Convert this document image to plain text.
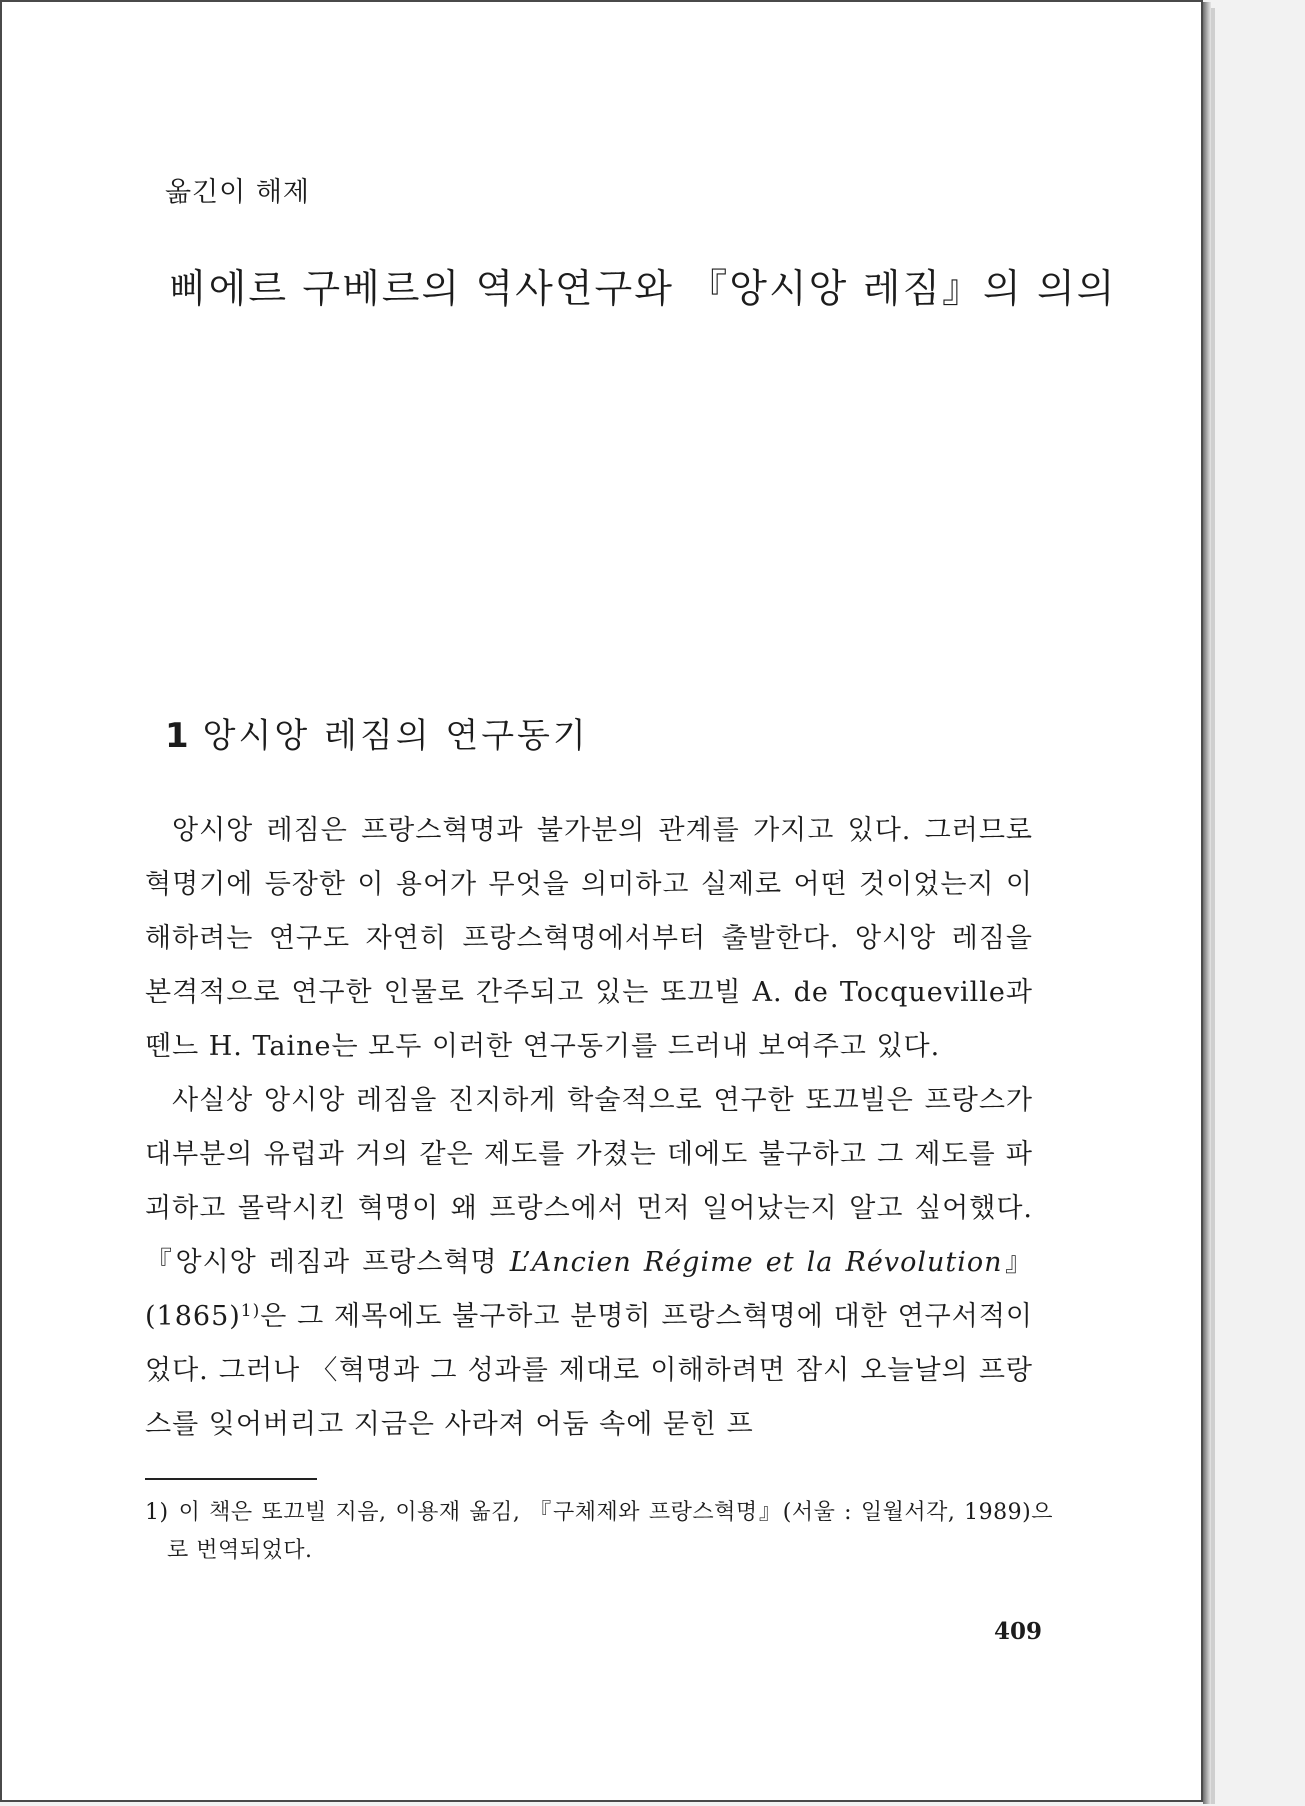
옮긴이 해제
삐에르 구베르의 역사연구와 『앙시앙 레짐』의 의의
1 앙시앙 레짐의 연구동기

앙시앙 레짐은 프랑스혁명과 불가분의 관계를 가지고 있다. 그러므로 혁명기에 등장한 이 용어가 무엇을 의미하고 실제로 어떤 것이었는지 이해하려는 연구도 자연히 프랑스혁명에서부터 출발한다. 앙시앙 레짐을 본격적으로 연구한 인물로 간주되고 있는 또끄빌 A. de Tocqueville과 뗀느 H. Taine는 모두 이러한 연구동기를 드러내 보여주고 있다.

사실상 앙시앙 레짐을 진지하게 학술적으로 연구한 또끄빌은 프랑스가 대부분의 유럽과 거의 같은 제도를 가졌는 데에도 불구하고 그 제도를 파괴하고 몰락시킨 혁명이 왜 프랑스에서 먼저 일어났는지 알고 싶어했다. 『앙시앙 레짐과 프랑스혁명 L’Ancien Régime et la Révolution』$(1865)^{1)}$은 그 제목에도 불구하고 분명히 프랑스혁명에 대한 연구서적이었다. 그러나 〈혁명과 그 성과를 제대로 이해하려면 잠시 오늘날의 프랑스를 잊어버리고 지금은 사라져 어둠 속에 묻힌 프

1) 이 책은 또끄빌 지음, 이용재 옮김, 『구체제와 프랑스혁명』(서울 : 일월서각, 1989)으로 번역되었다.
409
